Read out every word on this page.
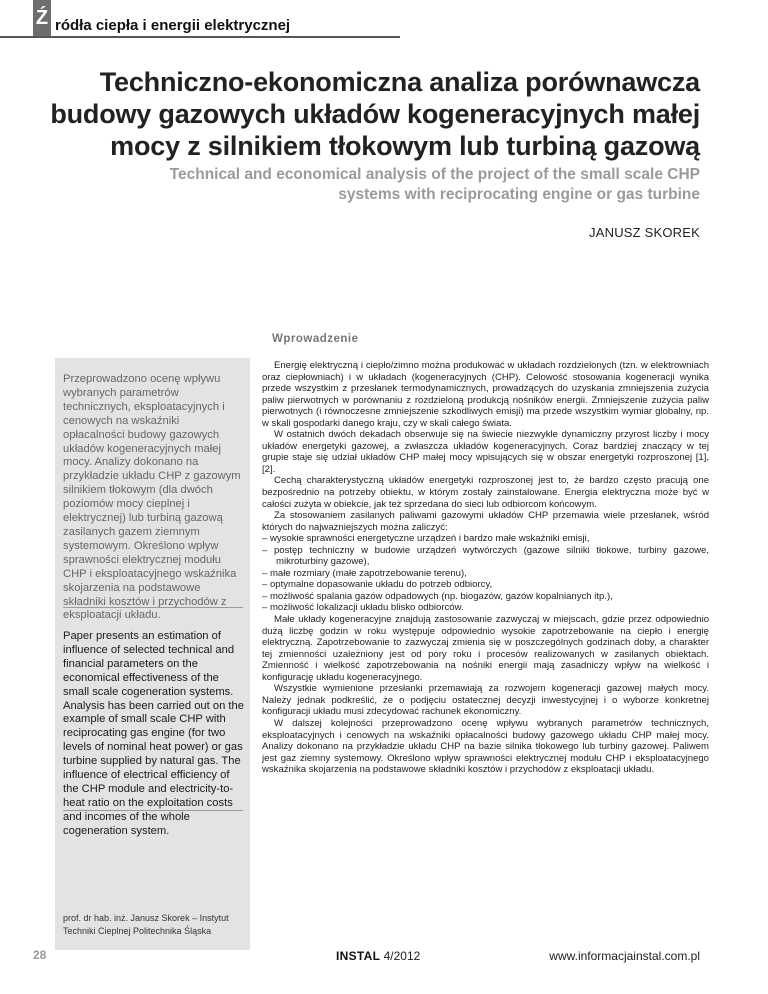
Ź ródła ciepła i energii elektrycznej
Techniczno-ekonomiczna analiza porównawcza budowy gazowych układów kogeneracyjnych małej mocy z silnikiem tłokowym lub turbiną gazową
Technical and economical analysis of the project of the small scale CHP systems with reciprocating engine or gas turbine
JANUSZ SKOREK
Wprowadzenie
Przeprowadzono ocenę wpływu wybranych parametrów technicznych, eksploatacyjnych i cenowych na wskaźniki opłacalności budowy gazowych układów kogeneracyjnych małej mocy. Analizy dokonano na przykładzie układu CHP z gazowym silnikiem tłokowym (dla dwóch poziomów mocy cieplnej i elektrycznej) lub turbiną gazową zasilanych gazem ziemnym systemowym. Określono wpływ sprawności elektrycznej modułu CHP i eksploatacyjnego wskaźnika skojarzenia na podstawowe składniki kosztów i przychodów z eksploatacji układu.
Paper presents an estimation of influence of selected technical and financial parameters on the economical effectiveness of the small scale cogeneration systems. Analysis has been carried out on the example of small scale CHP with reciprocating gas engine (for two levels of nominal heat power) or gas turbine supplied by natural gas. The influence of electrical efficiency of the CHP module and electricity-to-heat ratio on the exploitation costs and incomes of the whole cogeneration system.
prof. dr hab. inż. Janusz Skorek – Instytut Techniki Cieplnej Politechnika Śląska

Energię elektryczną i ciepło/zimno można produkować w układach rozdzielonych (tzn. w elektrowniach oraz ciepłowniach) i w układach (kogeneracyjnych (CHP). Celowość stosowania kogeneracji wynika przede wszystkim z przesłanek termodynamicznych, prowadzących do uzyskania zmniejszenia zużycia paliw pierwotnych w porównaniu z rozdzieloną produkcją nośników energii. Zmniejszenie zużycia paliw pierwotnych (i równoczesne zmniejszenie szkodliwych emisji) ma przede wszystkim wymiar globalny, np. w skali gospodarki danego kraju, czy w skali całego świata.

W ostatnich dwóch dekadach obserwuje się na świecie niezwykle dynamiczny przyrost liczby i mocy układów energetyki gazowej, a zwłaszcza układów kogeneracyjnych. Coraz bardziej znaczący w tej grupie staje się udział układów CHP małej mocy wpisujących się w obszar energetyki rozproszonej [1], [2].

Cechą charakterystyczną układów energetyki rozproszonej jest to, że bardzo często pracują one bezpośrednio na potrzeby obiektu, w którym zostały zainstalowane. Energia elektryczna może być w całości zużyta w obiekcie, jak też sprzedana do sieci lub odbiorcom końcowym.

Za stosowaniem zasilanych paliwami gazowymi układów CHP przemawia wiele przesłanek, wśród których do najważniejszych można zaliczyć:

– wysokie sprawności energetyczne urządzeń i bardzo małe wskaźniki emisji,
– postęp techniczny w budowie urządzeń wytwórczych (gazowe silniki tłokowe, turbiny gazowe, mikroturbiny gazowe),
– małe rozmiary (małe zapotrzebowanie terenu),
– optymalne dopasowanie układu do potrzeb odbiorcy,
– możliwość spalania gazów odpadowych (np. biogazów, gazów kopalnianych itp.),
– możliwość lokalizacji układu blisko odbiorców.

Małe układy kogeneracyjne znajdują zastosowanie zazwyczaj w miejscach, gdzie przez odpowiednio dużą liczbę godzin w roku występuje odpowiednio wysokie zapotrzebowanie na ciepło i energię elektryczną. Zapotrzebowanie to zazwyczaj zmienia się w poszczególnych godzinach doby, a charakter tej zmienności uzależniony jest od pory roku i procesów realizowanych w zasilanych obiektach. Zmienność i wielkość zapotrzebowania na nośniki energii mają zasadniczy wpływ na wielkość i konfigurację układu kogeneracyjnego.

Wszystkie wymienione przesłanki przemawiają za rozwojem kogeneracji gazowej małych mocy. Należy jednak podkreślić, że o podjęciu ostatecznej decyzji inwestycyjnej i o wyborze konkretnej konfiguracji układu musi zdecydować rachunek ekonomiczny.

W dalszej kolejności przeprowadzono ocenę wpływu wybranych parametrów technicznych, eksploatacyjnych i cenowych na wskaźniki opłacalności budowy gazowego układu CHP małej mocy. Analizy dokonano na przykładzie układu CHP na bazie silnika tłokowego lub turbiny gazowej. Paliwem jest gaz ziemny systemowy. Określono wpływ sprawności elektrycznej modułu CHP i eksploatacyjnego wskaźnika skojarzenia na podstawowe składniki kosztów i przychodów z eksploatacji układu.

28	INSTAL 4/2012	www.informacjainstal.com.pl
